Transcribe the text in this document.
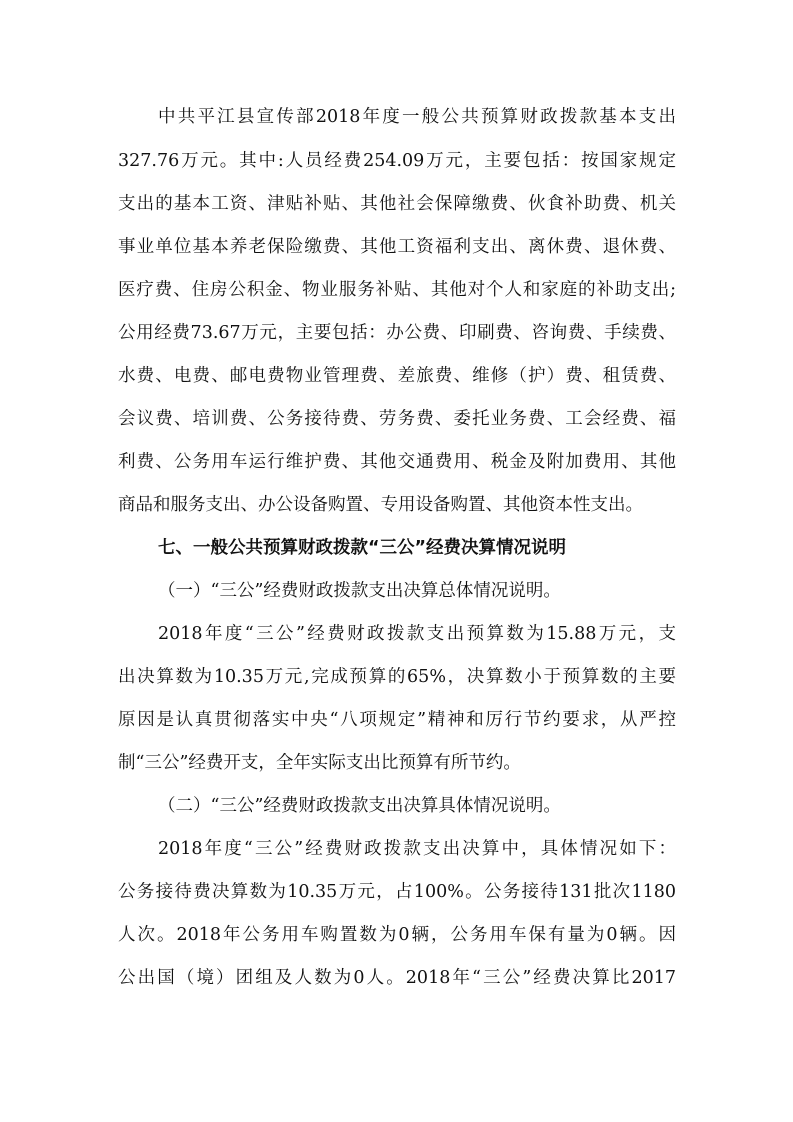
中共平江县宣传部2018年度一般公共预算财政拨款基本支出
327.76万元。其中:人员经费254.09万元，主要包括：按国家规定
支出的基本工资、津贴补贴、其他社会保障缴费、伙食补助费、机关
事业单位基本养老保险缴费、其他工资福利支出、离休费、退休费、
医疗费、住房公积金、物业服务补贴、其他对个人和家庭的补助支出;
公用经费73.67万元，主要包括：办公费、印刷费、咨询费、手续费、
水费、电费、邮电费物业管理费、差旅费、维修（护）费、租赁费、
会议费、培训费、公务接待费、劳务费、委托业务费、工会经费、福
利费、公务用车运行维护费、其他交通费用、税金及附加费用、其他
商品和服务支出、办公设备购置、专用设备购置、其他资本性支出。
七、一般公共预算财政拨款“三公”经费决算情况说明
（一）“三公”经费财政拨款支出决算总体情况说明。
2018年度“三公”经费财政拨款支出预算数为15.88万元，支
出决算数为10.35万元,完成预算的65%，决算数小于预算数的主要
原因是认真贯彻落实中央“八项规定”精神和厉行节约要求，从严控
制“三公”经费开支，全年实际支出比预算有所节约。
（二）“三公”经费财政拨款支出决算具体情况说明。
2018年度“三公”经费财政拨款支出决算中，具体情况如下：
公务接待费决算数为10.35万元，占100%。公务接待131批次1180
人次。2018年公务用车购置数为0辆，公务用车保有量为0辆。因
公出国（境）团组及人数为0人。2018年“三公”经费决算比2017
